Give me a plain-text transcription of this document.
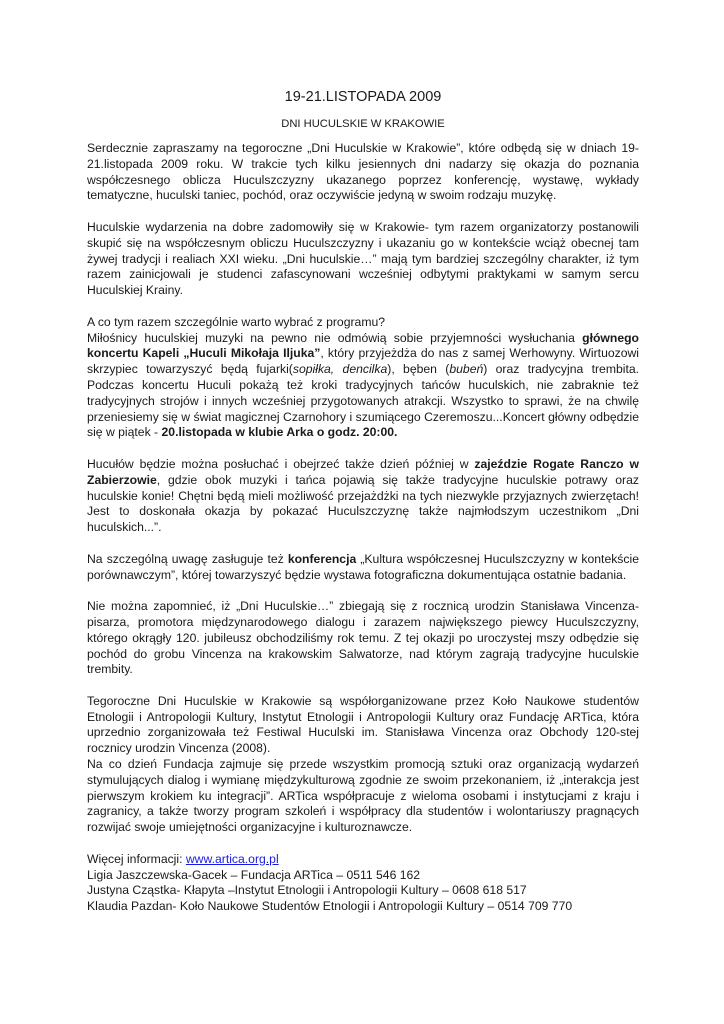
19-21.LISTOPADA 2009
DNI HUCULSKIE W KRAKOWIE
Serdecznie zapraszamy na tegoroczne „Dni Huculskie w Krakowie”, które odbędą się w dniach 19-21.listopada 2009 roku. W trakcie tych kilku jesiennych dni nadarzy się okazja do poznania współczesnego oblicza Huculszczyzny ukazanego poprzez konferencję, wystawę, wykłady tematyczne, huculski taniec, pochód, oraz oczywiście jedyną w swoim rodzaju muzykę.
Huculskie wydarzenia na dobre zadomowiły się w Krakowie- tym razem organizatorzy postanowili skupić się na współczesnym obliczu Huculszczyzny i ukazaniu go w kontekście wciąż obecnej tam żywej tradycji i realiach XXI wieku. „Dni huculskie…” mają tym bardziej szczególny charakter, iż tym razem zainicjowali je studenci zafascynowani wcześniej odbytymi praktykami w samym sercu Huculskiej Krainy.
A co tym razem szczególnie warto wybrać z programu?
Miłośnicy huculskiej muzyki na pewno nie odmówią sobie przyjemności wysłuchania głównego koncertu Kapeli „Huculi Mikołaja Iljuka”, który przyjeżdża do nas z samej Werhowyny. Wirtuozowi skrzypiec towarzyszyć będą fujarki(sopiłka, dencilka), bęben (bubeń) oraz tradycyjna trembita. Podczas koncertu Huculi pokażą też kroki tradycyjnych tańców huculskich, nie zabraknie też tradycyjnych strojów i innych wcześniej przygotowanych atrakcji. Wszystko to sprawi, że na chwilę przeniesiemy się w świat magicznej Czarnohory i szumiącego Czeremoszu...Koncert główny odbędzie się w piątek - 20.listopada w klubie Arka o godz. 20:00.
Hucułów będzie można posłuchać i obejrzeć także dzień później w zajeździe Rogate Ranczo w Zabierzowie, gdzie obok muzyki i tańca pojawią się także tradycyjne huculskie potrawy oraz huculskie konie! Chętni będą mieli możliwość przejażdżki na tych niezwykle przyjaznych zwierzętach! Jest to doskonała okazja by pokazać Huculszczyznę także najmłodszym uczestnikom „Dni huculskich...”.
Na szczególną uwagę zasługuje też konferencja „Kultura współczesnej Huculszczyzny w kontekście porównawczym”, której towarzyszyć będzie wystawa fotograficzna dokumentująca ostatnie badania.
Nie można zapomnieć, iż „Dni Huculskie…” zbiegają się z rocznicą urodzin Stanisława Vincenza- pisarza, promotora międzynarodowego dialogu i zarazem największego piewcy Huculszczyzny, którego okrągły 120. jubileusz obchodziliśmy rok temu. Z tej okazji po uroczystej mszy odbędzie się pochód do grobu Vincenza na krakowskim Salwatorze, nad którym zagrają tradycyjne huculskie trembity.
Tegoroczne Dni Huculskie w Krakowie są współorganizowane przez Koło Naukowe studentów Etnologii i Antropologii Kultury, Instytut Etnologii i Antropologii Kultury oraz Fundację ARTica, która uprzednio zorganizowała też Festiwal Huculski im. Stanisława Vincenza oraz Obchody 120-stej rocznicy urodzin Vincenza (2008).
Na co dzień Fundacja zajmuje się przede wszystkim promocją sztuki oraz organizacją wydarzeń stymulujących dialog i wymianę międzykulturową zgodnie ze swoim przekonaniem, iż „interakcja jest pierwszym krokiem ku integracji”. ARTica współpracuje z wieloma osobami i instytucjami z kraju i zagranicy, a także tworzy program szkoleń i współpracy dla studentów i wolontariuszy pragnących rozwijać swoje umiejętności organizacyjne i kulturoznawcze.
Więcej informacji: www.artica.org.pl
Ligia Jaszczewska-Gacek – Fundacja ARTica – 0511 546 162
Justyna Cząstka- Kłapyta –Instytut Etnologii i Antropologii Kultury – 0608 618 517
Klaudia Pazdan- Koło Naukowe Studentów Etnologii i Antropologii Kultury – 0514 709 770
